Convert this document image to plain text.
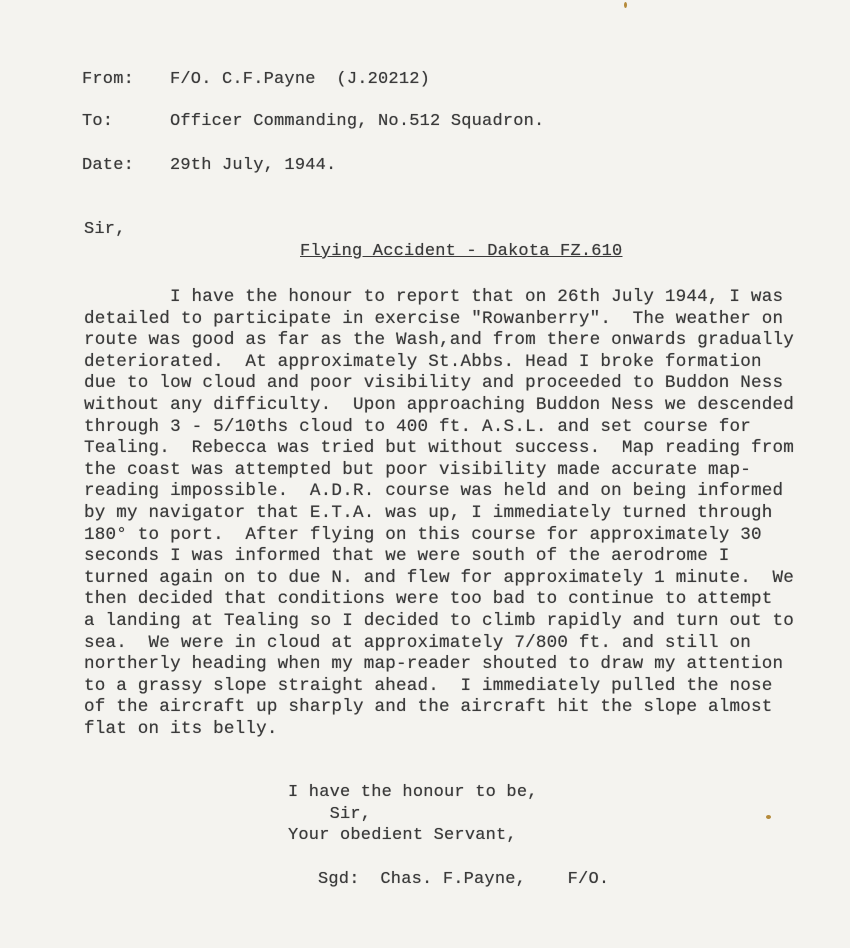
From: F/O. C.F.Payne  (J.20212)
To:	Officer Commanding, No.512 Squadron.
Date: 29th July, 1944.
Sir,
Flying Accident - Dakota FZ.610
I have the honour to report that on 26th July 1944, I was
detailed to participate in exercise "Rowanberry".  The weather on
route was good as far as the Wash,and from there onwards gradually
deteriorated.  At approximately St.Abbs. Head I broke formation
due to low cloud and poor visibility and proceeded to Buddon Ness
without any difficulty.  Upon approaching Buddon Ness we descended
through 3 - 5/10ths cloud to 400 ft. A.S.L. and set course for
Tealing.  Rebecca was tried but without success.  Map reading from
the coast was attempted but poor visibility made accurate map-
reading impossible.  A.D.R. course was held and on being informed
by my navigator that E.T.A. was up, I immediately turned through
180° to port.  After flying on this course for approximately 30
seconds I was informed that we were south of the aerodrome I
turned again on to due N. and flew for approximately 1 minute.  We
then decided that conditions were too bad to continue to attempt
a landing at Tealing so I decided to climb rapidly and turn out to
sea.  We were in cloud at approximately 7/800 ft. and still on
northerly heading when my map-reader shouted to draw my attention
to a grassy slope straight ahead.  I immediately pulled the nose
of the aircraft up sharply and the aircraft hit the slope almost
flat on its belly.
I have the honour to be,
Sir,
Your obedient Servant,
Sgd:  Chas. F.Payne,    F/O.
